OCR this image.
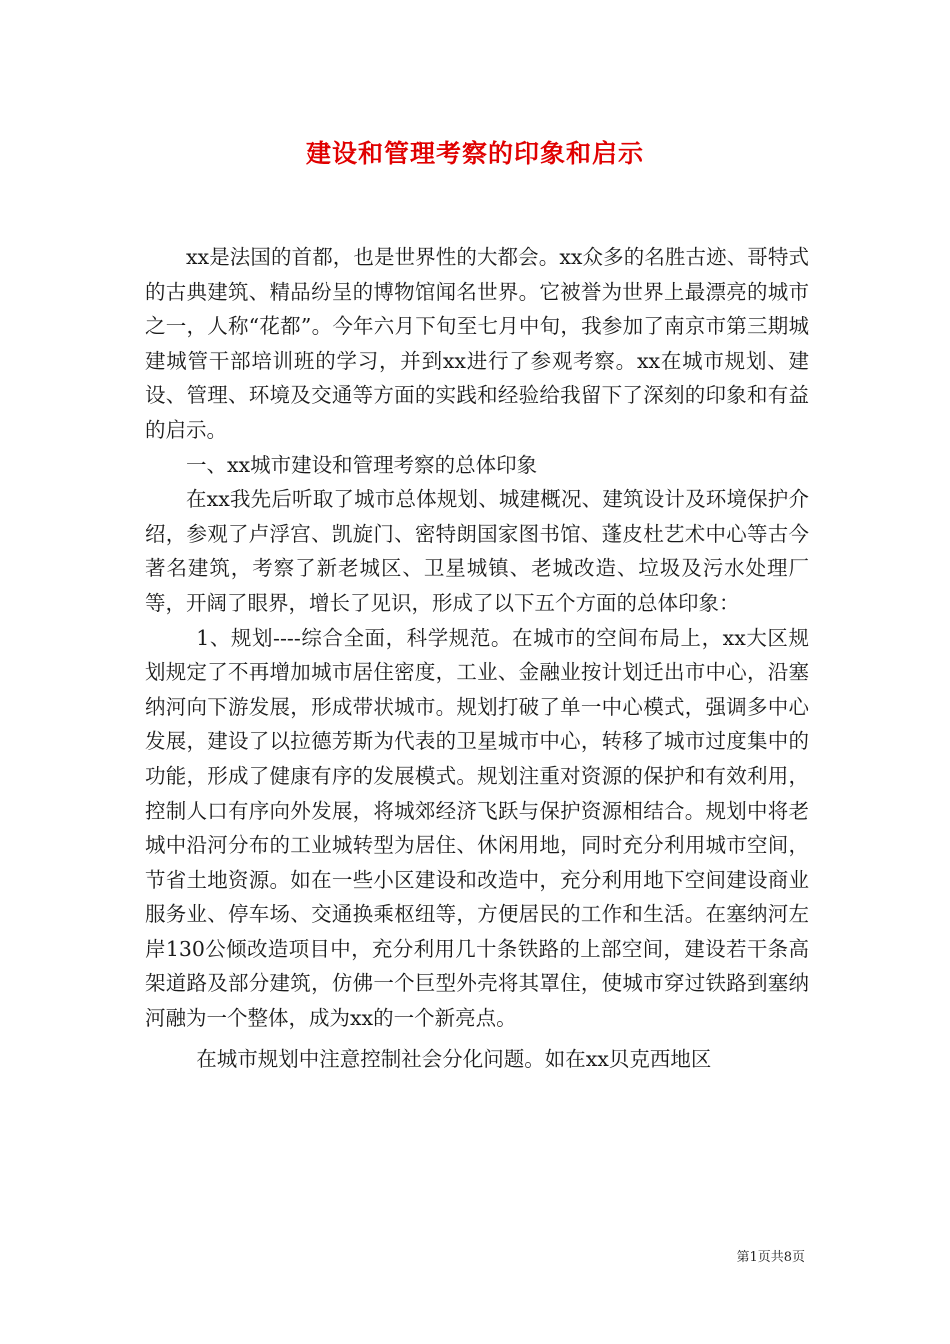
建设和管理考察的印象和启示

xx是法国的首都，也是世界性的大都会。xx众多的名胜古迹、哥特式的古典建筑、精品纷呈的博物馆闻名世界。它被誉为世界上最漂亮的城市之一，人称“花都”。今年六月下旬至七月中旬，我参加了南京市第三期城建城管干部培训班的学习，并到xx进行了参观考察。xx在城市规划、建设、管理、环境及交通等方面的实践和经验给我留下了深刻的印象和有益的启示。

一、xx城市建设和管理考察的总体印象

在xx我先后听取了城市总体规划、城建概况、建筑设计及环境保护介绍，参观了卢浮宫、凯旋门、密特朗国家图书馆、蓬皮杜艺术中心等古今著名建筑，考察了新老城区、卫星城镇、老城改造、垃圾及污水处理厂等，开阔了眼界，增长了见识，形成了以下五个方面的总体印象：

1、规划----综合全面，科学规范。在城市的空间布局上，xx大区规划规定了不再增加城市居住密度，工业、金融业按计划迁出市中心，沿塞纳河向下游发展，形成带状城市。规划打破了单一中心模式，强调多中心发展，建设了以拉德芳斯为代表的卫星城市中心，转移了城市过度集中的功能，形成了健康有序的发展模式。规划注重对资源的保护和有效利用，控制人口有序向外发展，将城郊经济飞跃与保护资源相结合。规划中将老城中沿河分布的工业城转型为居住、休闲用地，同时充分利用城市空间，节省土地资源。如在一些小区建设和改造中，充分利用地下空间建设商业服务业、停车场、交通换乘枢纽等，方便居民的工作和生活。在塞纳河左岸130公倾改造项目中，充分利用几十条铁路的上部空间，建设若干条高架道路及部分建筑，仿佛一个巨型外壳将其罩住，使城市穿过铁路到塞纳河融为一个整体，成为xx的一个新亮点。

在城市规划中注意控制社会分化问题。如在xx贝克西地区

第1页共8页
